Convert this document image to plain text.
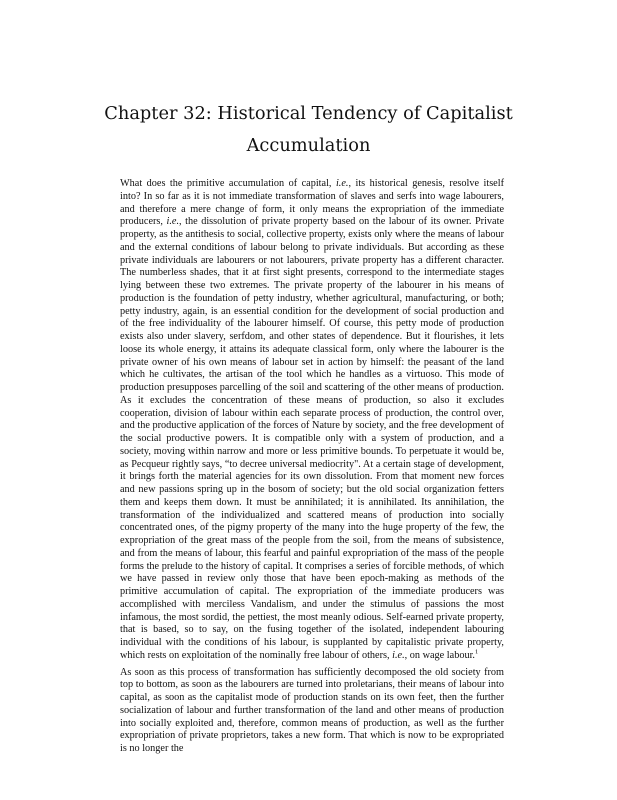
Chapter 32: Historical Tendency of Capitalist Accumulation

What does the primitive accumulation of capital, i.e., its historical genesis, resolve itself into? In so far as it is not immediate transformation of slaves and serfs into wage labourers, and therefore a mere change of form, it only means the expropriation of the immediate producers, i.e., the dissolution of private property based on the labour of its owner. Private property, as the antithesis to social, collective property, exists only where the means of labour and the external conditions of labour belong to private individuals. But according as these private individuals are labourers or not labourers, private property has a different character. The numberless shades, that it at first sight presents, correspond to the intermediate stages lying between these two extremes. The private property of the labourer in his means of production is the foundation of petty industry, whether agricultural, manufacturing, or both; petty industry, again, is an essential condition for the development of social production and of the free individuality of the labourer himself. Of course, this petty mode of production exists also under slavery, serfdom, and other states of dependence. But it flourishes, it lets loose its whole energy, it attains its adequate classical form, only where the labourer is the private owner of his own means of labour set in action by himself: the peasant of the land which he cultivates, the artisan of the tool which he handles as a virtuoso. This mode of production presupposes parcelling of the soil and scattering of the other means of production. As it excludes the concentration of these means of production, so also it excludes cooperation, division of labour within each separate process of production, the control over, and the productive application of the forces of Nature by society, and the free development of the social productive powers. It is compatible only with a system of production, and a society, moving within narrow and more or less primitive bounds. To perpetuate it would be, as Pecqueur rightly says, “to decree universal mediocrity". At a certain stage of development, it brings forth the material agencies for its own dissolution. From that moment new forces and new passions spring up in the bosom of society; but the old social organization fetters them and keeps them down. It must be annihilated; it is annihilated. Its annihilation, the transformation of the individualized and scattered means of production into socially concentrated ones, of the pigmy property of the many into the huge property of the few, the expropriation of the great mass of the people from the soil, from the means of subsistence, and from the means of labour, this fearful and painful expropriation of the mass of the people forms the prelude to the history of capital. It comprises a series of forcible methods, of which we have passed in review only those that have been epoch-making as methods of the primitive accumulation of capital. The expropriation of the immediate producers was accomplished with merciless Vandalism, and under the stimulus of passions the most infamous, the most sordid, the pettiest, the most meanly odious. Self-earned private property, that is based, so to say, on the fusing together of the isolated, independent labouring individual with the conditions of his labour, is supplanted by capitalistic private property, which rests on exploitation of the nominally free labour of others, i.e., on wage labour.$^1$

As soon as this process of transformation has sufficiently decomposed the old society from top to bottom, as soon as the labourers are turned into proletarians, their means of labour into capital, as soon as the capitalist mode of production stands on its own feet, then the further socialization of labour and further transformation of the land and other means of production into socially exploited and, therefore, common means of production, as well as the further expropriation of private proprietors, takes a new form. That which is now to be expropriated is no longer the
